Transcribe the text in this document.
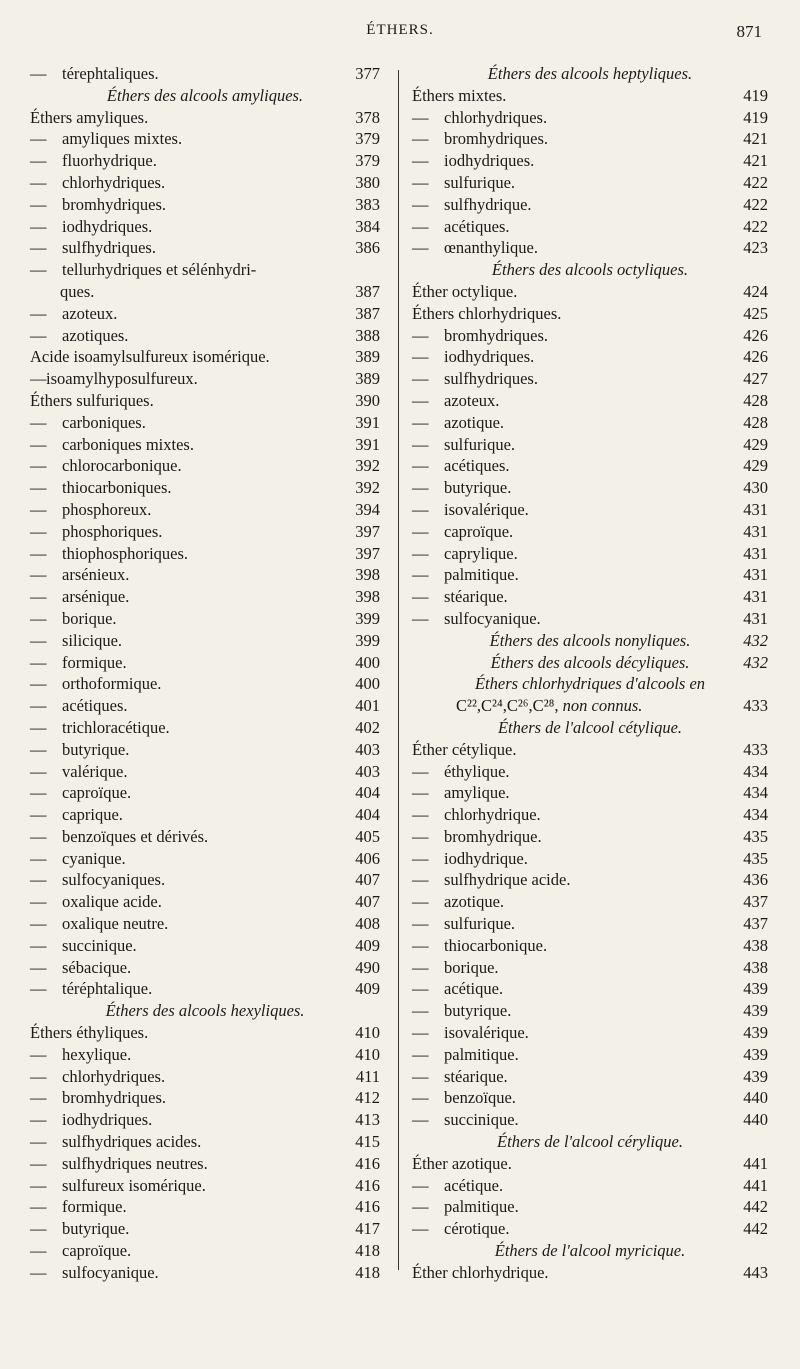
ÉTHERS.	871
— térephtaliques.	377
Éthers des alcools amyliques.
Éthers amyliques.	378
— amyliques mixtes.	379
— fluorhydrique.	379
— chlorhydriques.	380
— bromhydriques.	383
— iodhydriques.	384
— sulfhydriques.	386
— tellurhydriques et sélénhydri-
ques.	387
— azoteux.	387
— azotiques.	388
Acide isoamylsulfureux isomérique.	389
—isoamylhyposulfureux.	389
Éthers sulfuriques.	390
— carboniques.	391
— carboniques mixtes.	391
— chlorocarbonique.	392
— thiocarboniques.	392
— phosphoreux.	394
— phosphoriques.	397
— thiophosphoriques.	397
— arsénieux.	398
— arsénique.	398
— borique.	399
— silicique.	399
— formique.	400
— orthoformique.	400
— acétiques.	401
— trichloracétique.	402
— butyrique.	403
— valérique.	403
— caproïque.	404
— caprique.	404
— benzoïques et dérivés.	405
— cyanique.	406
— sulfocyaniques.	407
— oxalique acide.	407
— oxalique neutre.	408
— succinique.	409
— sébacique.	490
— téréphtalique.	409
Éthers des alcools hexyliques.
Éthers éthyliques.	410
— hexylique.	410
— chlorhydriques.	411
— bromhydriques.	412
— iodhydriques.	413
— sulfhydriques acides.	415
— sulfhydriques neutres.	416
— sulfureux isomérique.	416
— formique.	416
— butyrique.	417
— caproïque.	418
— sulfocyanique.	418
Éthers des alcools heptyliques.
Éthers mixtes.	419
— chlorhydriques.	419
— bromhydriques.	421
— iodhydriques.	421
— sulfurique.	422
— sulfhydrique.	422
— acétiques.	422
— œnanthylique.	423
Éthers des alcools octyliques.
Éther octylique.	424
Éthers chlorhydriques.	425
— bromhydriques.	426
— iodhydriques.	426
— sulfhydriques.	427
— azoteux.	428
— azotique.	428
— sulfurique.	429
— acétiques.	429
— butyrique.	430
— isovalérique.	431
— caproïque.	431
— caprylique.	431
— palmitique.	431
— stéarique.	431
— sulfocyanique.	431
Éthers des alcools nonyliques.	432
Éthers des alcools décyliques.	432
Éthers chlorhydriques d'alcools en
C²²,C²⁴,C²⁶,C²⁸, non connus.	433
Éthers de l'alcool cétylique.
Éther cétylique.	433
— éthylique.	434
— amylique.	434
— chlorhydrique.	434
— bromhydrique.	435
— iodhydrique.	435
— sulfhydrique acide.	436
— azotique.	437
— sulfurique.	437
— thiocarbonique.	438
— borique.	438
— acétique.	439
— butyrique.	439
— isovalérique.	439
— palmitique.	439
— stéarique.	439
— benzoïque.	440
— succinique.	440
Éthers de l'alcool cérylique.
Éther azotique.	441
— acétique.	441
— palmitique.	442
— cérotique.	442
Éthers de l'alcool myricique.
Éther chlorhydrique.	443
